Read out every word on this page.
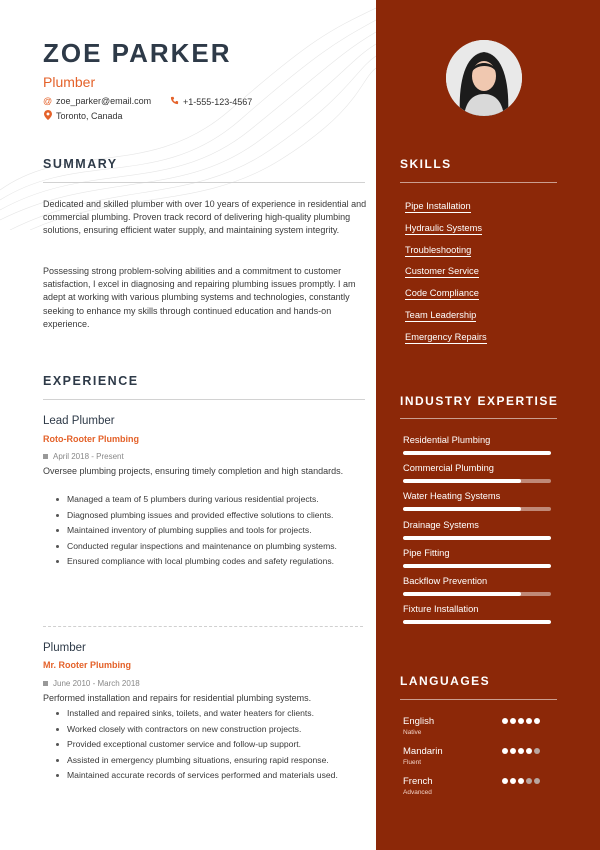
ZOE PARKER
Plumber
@ zoe_parker@email.com	+1-555-123-4567
Toronto, Canada
SUMMARY
Dedicated and skilled plumber with over 10 years of experience in residential and commercial plumbing. Proven track record of delivering high-quality plumbing solutions, ensuring efficient water supply, and maintaining system integrity.
Possessing strong problem-solving abilities and a commitment to customer satisfaction, I excel in diagnosing and repairing plumbing issues promptly. I am adept at working with various plumbing systems and technologies, constantly seeking to enhance my skills through continued education and hands-on experience.
EXPERIENCE
Lead Plumber
Roto-Rooter Plumbing
April 2018 - Present
Oversee plumbing projects, ensuring timely completion and high standards.
Managed a team of 5 plumbers during various residential projects.
Diagnosed plumbing issues and provided effective solutions to clients.
Maintained inventory of plumbing supplies and tools for projects.
Conducted regular inspections and maintenance on plumbing systems.
Ensured compliance with local plumbing codes and safety regulations.
Plumber
Mr. Rooter Plumbing
June 2010 - March 2018
Performed installation and repairs for residential plumbing systems.
Installed and repaired sinks, toilets, and water heaters for clients.
Worked closely with contractors on new construction projects.
Provided exceptional customer service and follow-up support.
Assisted in emergency plumbing situations, ensuring rapid response.
Maintained accurate records of services performed and materials used.
SKILLS
Pipe Installation
Hydraulic Systems
Troubleshooting
Customer Service
Code Compliance
Team Leadership
Emergency Repairs
INDUSTRY EXPERTISE
Residential Plumbing
Commercial Plumbing
Water Heating Systems
Drainage Systems
Pipe Fitting
Backflow Prevention
Fixture Installation
LANGUAGES
English
Native
Mandarin
Fluent
French
Advanced
